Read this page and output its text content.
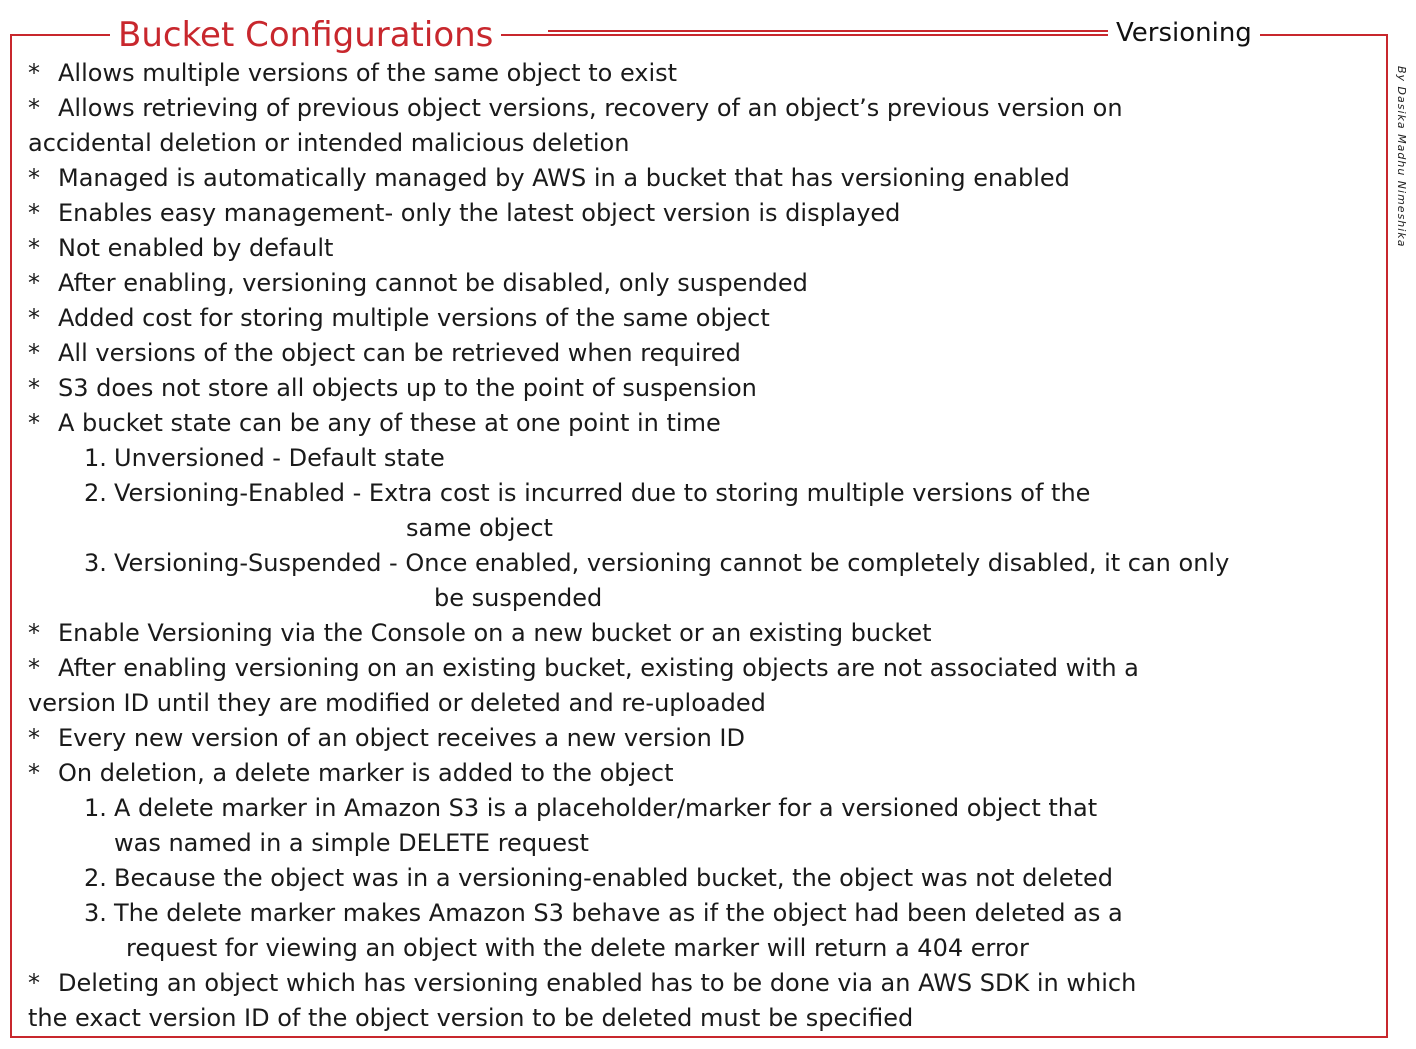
Bucket Configurations	Versioning
By Dasika Madhu Nimeshika
* Allows multiple versions of the same object to exist
* Allows retrieving of previous object versions, recovery of an object’s previous version on
accidental deletion or intended malicious deletion
* Managed is automatically managed by AWS in a bucket that has versioning enabled
* Enables easy management- only the latest object version is displayed
* Not enabled by default
* After enabling, versioning cannot be disabled, only suspended
* Added cost for storing multiple versions of the same object
* All versions of the object can be retrieved when required
* S3 does not store all objects up to the point of suspension
* A bucket state can be any of these at one point in time
1. Unversioned - Default state
2. Versioning-Enabled - Extra cost is incurred due to storing multiple versions of the
same object
3. Versioning-Suspended - Once enabled, versioning cannot be completely disabled, it can only
be suspended
* Enable Versioning via the Console on a new bucket or an existing bucket
* After enabling versioning on an existing bucket, existing objects are not associated with a
version ID until they are modified or deleted and re-uploaded
* Every new version of an object receives a new version ID
* On deletion, a delete marker is added to the object
1. A delete marker in Amazon S3 is a placeholder/marker for a versioned object that
was named in a simple DELETE request
2. Because the object was in a versioning-enabled bucket, the object was not deleted
3. The delete marker makes Amazon S3 behave as if the object had been deleted as a
request for viewing an object with the delete marker will return a 404 error
* Deleting an object which has versioning enabled has to be done via an AWS SDK in which
the exact version ID of the object version to be deleted must be specified
